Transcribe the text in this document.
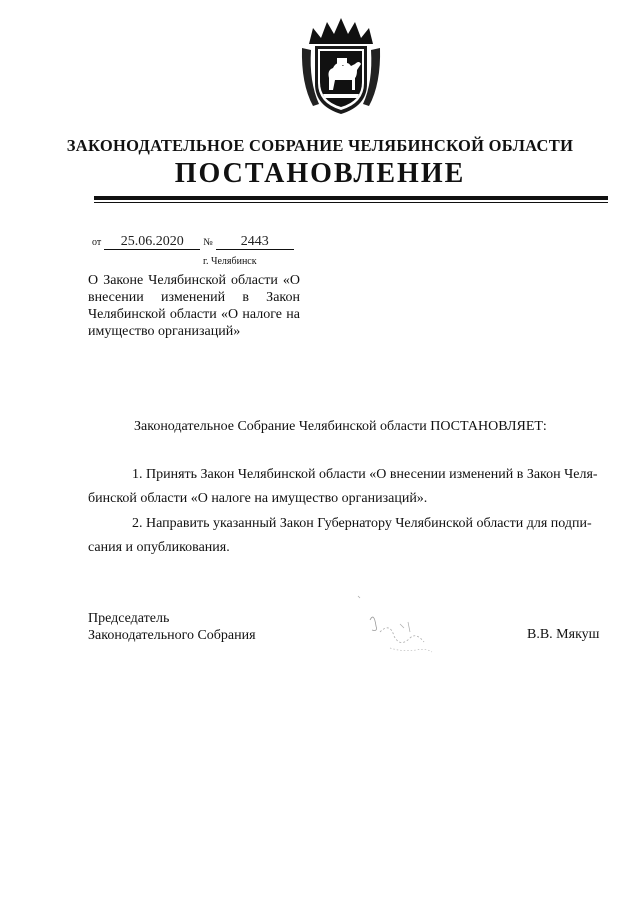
ЗАКОНОДАТЕЛЬНОЕ СОБРАНИЕ ЧЕЛЯБИНСКОЙ ОБЛАСТИ
ПОСТАНОВЛЕНИЕ
от 25.06.2020 № 2443
г. Челябинск
О Законе Челябинской области «О внесении изменений в Закон Челябинской области «О налоге на имущество организаций»
Законодательное Собрание Челябинской области ПОСТАНОВЛЯЕТ:
1. Принять Закон Челябинской области «О внесении изменений в Закон Челя-
бинской области «О налоге на имущество организаций».
2. Направить указанный Закон Губернатору Челябинской области для подпи-
сания и опубликования.
Председатель
Законодательного Собрания	В.В. Мякуш
